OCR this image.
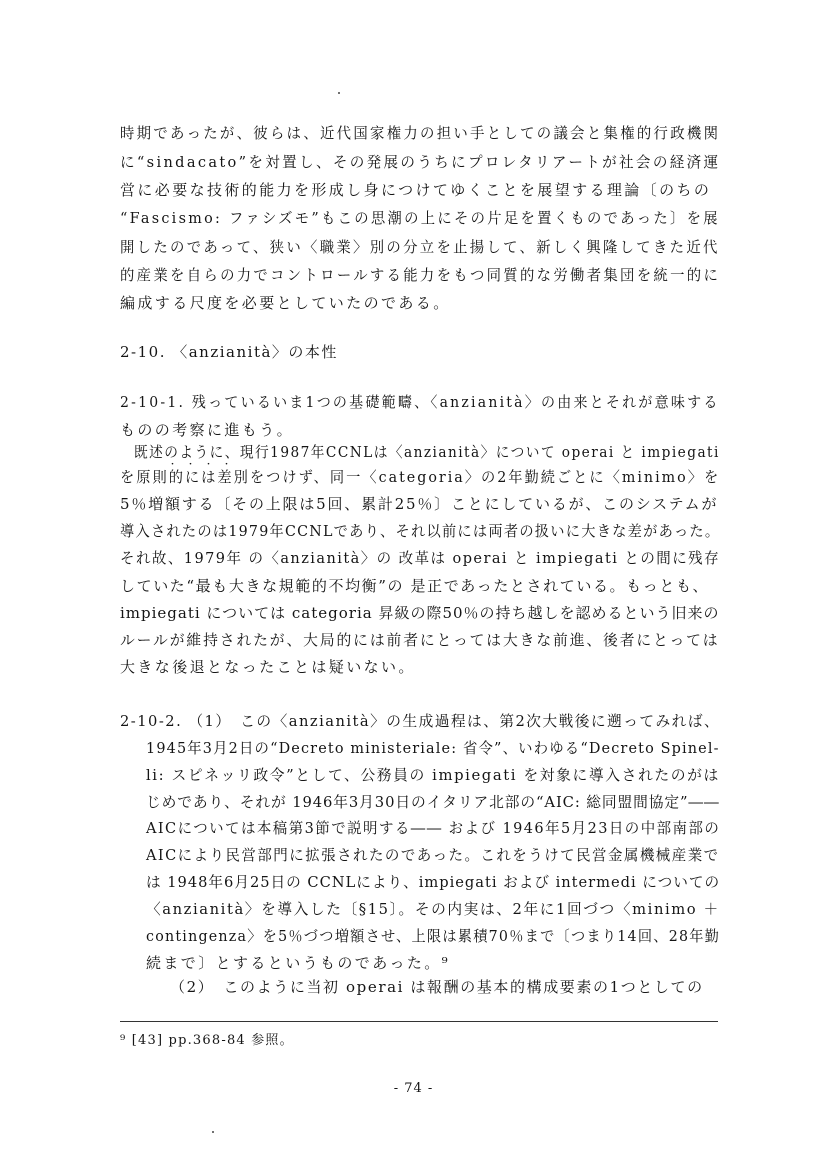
時期であったが、彼らは、近代国家権力の担い手としての議会と集権的行政機関
に“sindacato”を対置し、その発展のうちにプロレタリアートが社会の経済運
営に必要な技術的能力を形成し身につけてゆくことを展望する理論〔のちの
“Fascismo: ファシズモ”もこの思潮の上にその片足を置くものであった〕を展
開したのであって、狭い〈職業〉別の分立を止揚して、新しく興隆してきた近代
的産業を自らの力でコントロールする能力をもつ同質的な労働者集団を統一的に
編成する尺度を必要としていたのである。
2-10. 〈anzianità〉の本性
2-10-1. 残っているいま1つの基礎範疇、〈anzianità〉の由来とそれが意味する
ものの考察に進もう。
既述のように、現行1987年CCNLは〈anzianità〉について operai と impiegati
・・・・
を原則的には差別をつけず、同一〈categoria〉の2年勤続ごとに〈minimo〉を
5％増額する〔その上限は5回、累計25％〕ことにしているが、このシステムが
導入されたのは1979年CCNLであり、それ以前には両者の扱いに大きな差があった。
それ故、1979年 の〈anzianità〉の 改革は operai と impiegati との間に残存
していた“最も大きな規範的不均衡”の 是正であったとされている。もっとも、
impiegati については categoria 昇級の際50％の持ち越しを認めるという旧来の
ルールが維持されたが、大局的には前者にとっては大きな前進、後者にとっては
大きな後退となったことは疑いない。
2-10-2. （1）　この〈anzianità〉の生成過程は、第2次大戦後に遡ってみれば、
1945年3月2日の“Decreto ministeriale: 省令”、いわゆる“Decreto Spinel-
li: スピネッリ政令”として、公務員の impiegati を対象に導入されたのがは
じめであり、それが 1946年3月30日のイタリア北部の“AIC: 総同盟間協定”――
AICについては本稿第3節で説明する―― および 1946年5月23日の中部南部の
AICにより民営部門に拡張されたのであった。これをうけて民営金属機械産業で
は 1948年6月25日の CCNLにより、impiegati および intermedi についての
〈anzianità〉を導入した〔§15〕。その内実は、2年に1回づつ〈minimo ＋
contingenza〉を5％づつ増額させ、上限は累積70％まで〔つまり14回、28年勤
続まで〕とするというものであった。⁹
（2）　このように当初 operai は報酬の基本的構成要素の1つとしての
⁹ [43] pp.368-84 参照。
- 74 -
